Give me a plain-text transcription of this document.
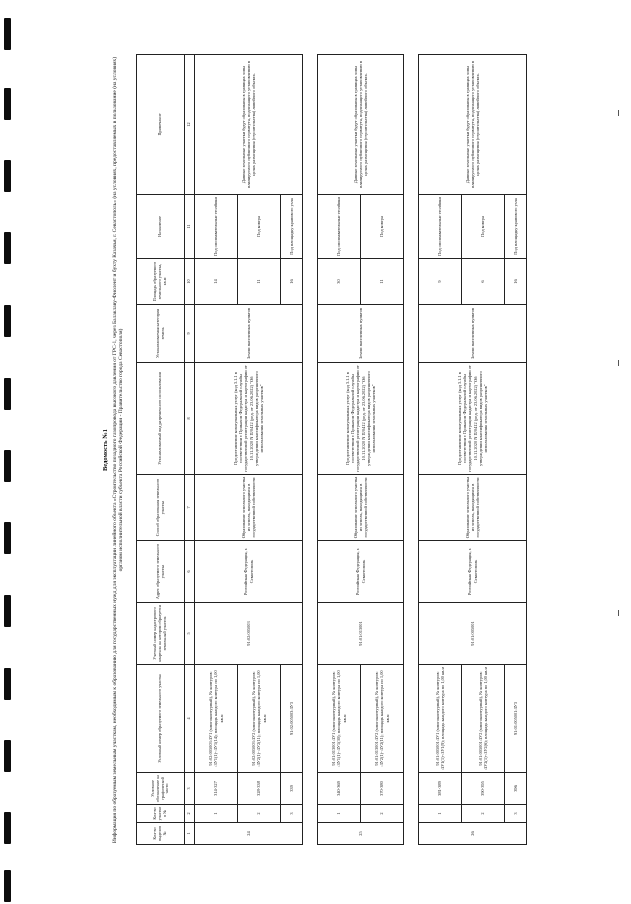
Ведомость №1 Информация по образуемым земельным участкам, необходимым к образованию для государственных нужд для эксплуатации линейного объекта «Строительство позадного газопровода высокого давления от ГРС-1, через Балаклаву-Фиолент и бухту Казачья, г. Севастополь» (на условиях, предоставляемых в пользование (на условиях) органом исполнительной власти субъекта Российской Федерации - Правительство города Севастополя)
Кол-во выделов №	Кол-во участков №	Условное обозначение на графической части	Условный номер образуемого земельного участка	Учетный номер кадастрового квартала на котором образуется земельный участок	Адрес образуемого земельного участка	Способ образования земельного участка	Устанавливаемый вид разрешенного использования	Устанавливаемая категория земель	Площадь образуемого земельного участка, кв.м	Назначение	Примечание
1	2	3	4	5	6	7	8	9	10	11	12
24	1	314-327	91:02:005003:ЗУ1 (многоконтурный), № контуров: :ЗУ1(1)-:ЗУ1(14); площадь каждого контура по 1,00 кв.м	91:02:005003	Российская Федерация, г. Севастополь	Образование земельного участка из земель, находящихся в государственной собственности	Предоставление коммунальных услуг (код 3.1.1 в соответствии с Приказом Федеральной службы государственной регистрации кадастра и картографии от 10.11.2020 N П/0412 (ред. от 23.06.2022) "Об утверждении классификатора видов разрешенного использования земельных участков"	Земли населенных пунктов	14	Под опознавательные столбики	Данные земельные участки будут образованы в границах зоны планируемого публичного сервитута, подлежащего установлению в целях размещения (строительства) линейного объекта.
	2	328-338	91:02:005003:ЗУ2 (многоконтурный), № контуров: :ЗУ2(1)-:ЗУ2(11); площадь каждого контура по 1,00 кв.м						11	Под ковера	
	3	339	91:02:005003:ЗУ3						16	Под площадку кранового узла	

25	1	340-369	91:01:013001:ЗУ1 (многоконтурный), № контуров: :ЗУ1(1)-:ЗУ1(30); площадь каждого контура по 1,00 кв.м	91:01:013001	Российская Федерация, г. Севастополь	Образование земельного участка из земель, находящихся в государственной собственности	Предоставление коммунальных услуг (код 3.1.1 в соответствии с Приказом Федеральной службы государственной регистрации кадастра и картографии от 10.11.2020 N П/0412 (ред. от 23.06.2022) "Об утверждении классификатора видов разрешенного использования земельных участков"	Земли населенных пунктов	30	Под опознавательные столбики	Данные земельные участки будут образованы в границах зоны планируемого публичного сервитута, подлежащего установлению в целях размещения (строительства) линейного объекта.
	2	370-380	91:01:013001:ЗУ2 (многоконтурный), № контуров: :ЗУ2(1)-:ЗУ2(11); площадь каждого контура по 1,00 кв.м						11	Под ковера	

26	1	381-389	91:01:005001:ЗУ1 (многоконтурный), № контуров: :ЗУ1(1)-:ЗУ1(9); площадь каждого контура по 1,00 кв.м	91:01:005001	Российская Федерация, г. Севастополь	Образование земельного участка из земель, находящихся в государственной собственности	Предоставление коммунальных услуг (код 3.1.1 в соответствии с Приказом Федеральной службы государственной регистрации кадастра и картографии от 10.11.2020 N П/0412 (ред. от 23.06.2022) "Об утверждении классификатора видов разрешенного использования земельных участков"	Земли населенных пунктов	9	Под опознавательные столбики	Данные земельные участки будут образованы в границах зоны планируемого публичного сервитута, подлежащего установлению в целях размещения (строительства) линейного объекта.
	2	390-395	91:01:005001:ЗУ2 (многоконтурный), № контуров: :ЗУ2(1)-:ЗУ2(6); площадь каждого контура по 1,00 кв.м						6	Под ковера	
	3	396	91:01:005001:ЗУ3						16	Под площадку кранового узла	
